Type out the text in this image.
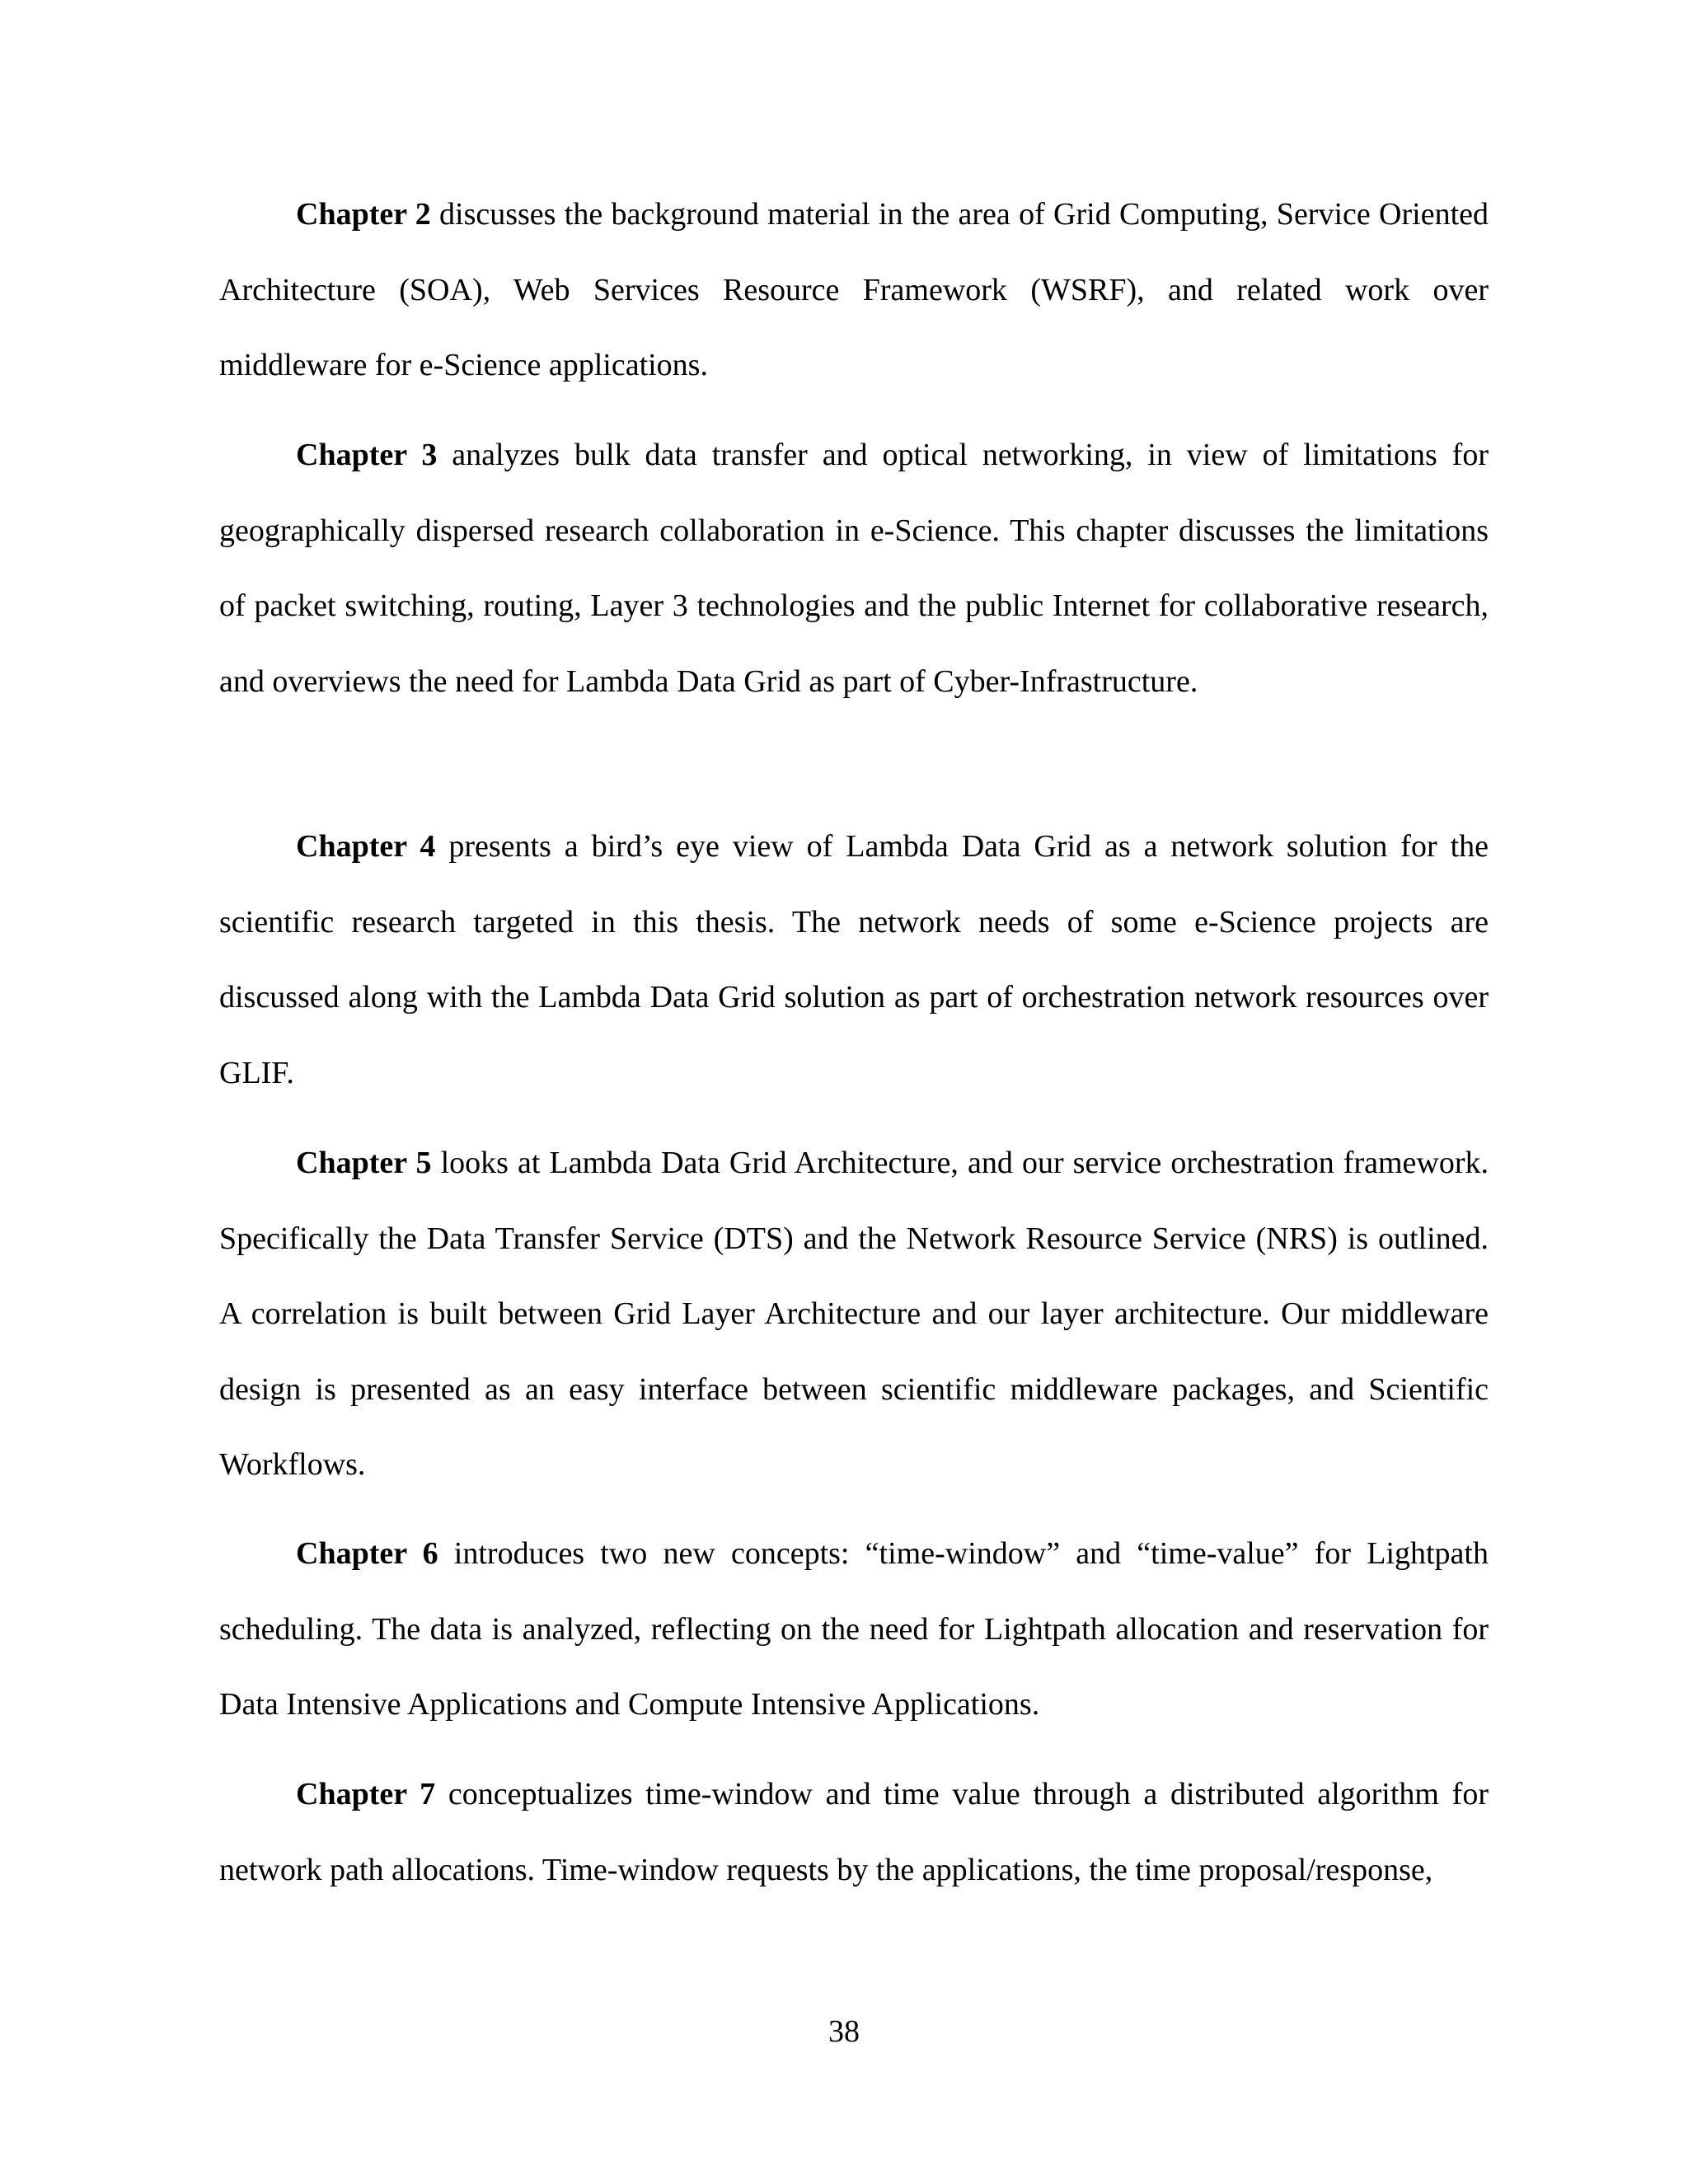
Chapter 2 discusses the background material in the area of Grid Computing, Service Oriented Architecture (SOA), Web Services Resource Framework (WSRF), and related work over middleware for e-Science applications.

Chapter 3 analyzes bulk data transfer and optical networking, in view of limitations for geographically dispersed research collaboration in e-Science. This chapter discusses the limitations of packet switching, routing, Layer 3 technologies and the public Internet for collaborative research, and overviews the need for Lambda Data Grid as part of Cyber-Infrastructure.

Chapter 4 presents a bird’s eye view of Lambda Data Grid as a network solution for the scientific research targeted in this thesis. The network needs of some e-Science projects are discussed along with the Lambda Data Grid solution as part of orchestration network resources over GLIF.

Chapter 5 looks at Lambda Data Grid Architecture, and our service orchestration framework. Specifically the Data Transfer Service (DTS) and the Network Resource Service (NRS) is outlined. A correlation is built between Grid Layer Architecture and our layer architecture. Our middleware design is presented as an easy interface between scientific middleware packages, and Scientific Workflows.

Chapter 6 introduces two new concepts: “time-window” and “time-value” for Lightpath scheduling. The data is analyzed, reflecting on the need for Lightpath allocation and reservation for Data Intensive Applications and Compute Intensive Applications.

Chapter 7 conceptualizes time-window and time value through a distributed algorithm for network path allocations. Time-window requests by the applications, the time proposal/response,

38
